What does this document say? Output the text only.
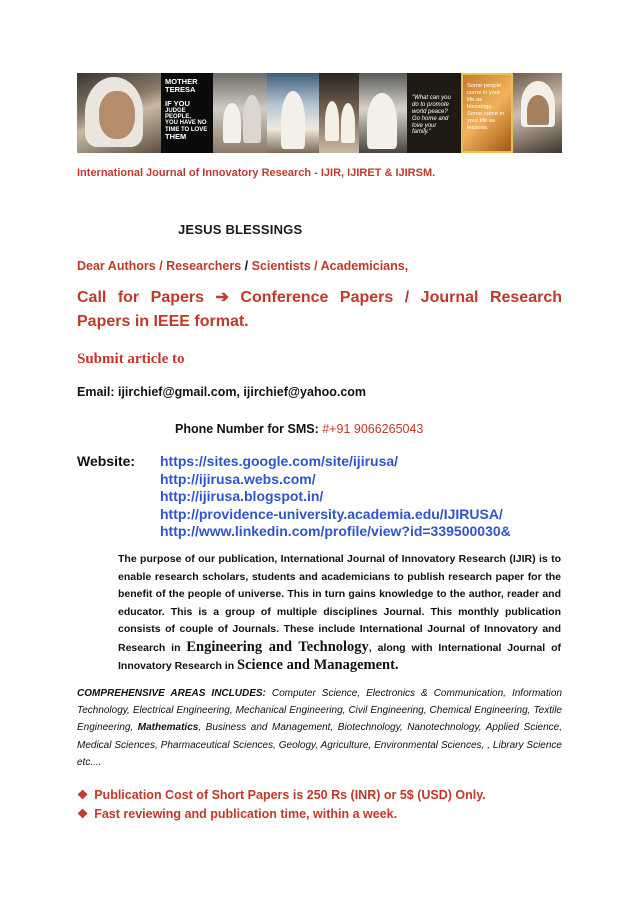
MOTHER
TERESA
IF YOU
JUDGE PEOPLE,
YOU HAVE NO
TIME TO LOVE
THEM
"What can you do to promote world peace? Go home and love your family."
Some people come in your life as blessings. Some come in your life as lessons.
International Journal of Innovatory Research - IJIR, IJIRET & IJIRSM.
JESUS BLESSINGS
Dear Authors / Researchers / Scientists / Academicians,
Call for Papers ➔ Conference Papers / Journal Research Papers in IEEE format.
Submit article to
Email: ijirchief@gmail.com, ijirchief@yahoo.com
Phone Number for SMS: #+91 9066265043
Website:	https://sites.google.com/site/ijirusa/
http://ijirusa.webs.com/
http://ijirusa.blogspot.in/
http://providence-university.academia.edu/IJIRUSA/
http://www.linkedin.com/profile/view?id=339500030&
The purpose of our publication, International Journal of Innovatory Research (IJIR) is to enable research scholars, students and academicians to publish research paper for the benefit of the people of universe. This in turn gains knowledge to the author, reader and educator. This is a group of multiple disciplines Journal. This monthly publication consists of couple of Journals. These include International Journal of Innovatory and Research in Engineering and Technology, along with International Journal of Innovatory Research in Science and Management.
COMPREHENSIVE AREAS INCLUDES: Computer Science, Electronics & Communication, Information Technology, Electrical Engineering, Mechanical Engineering, Civil Engineering, Chemical Engineering, Textile Engineering, Mathematics, Business and Management, Biotechnology, Nanotechnology, Applied Science, Medical Sciences, Pharmaceutical Sciences, Geology, Agriculture, Environmental Sciences, , Library Science etc....
❖ Publication Cost of Short Papers is 250 Rs (INR) or 5$ (USD) Only.
❖ Fast reviewing and publication time, within a week.
